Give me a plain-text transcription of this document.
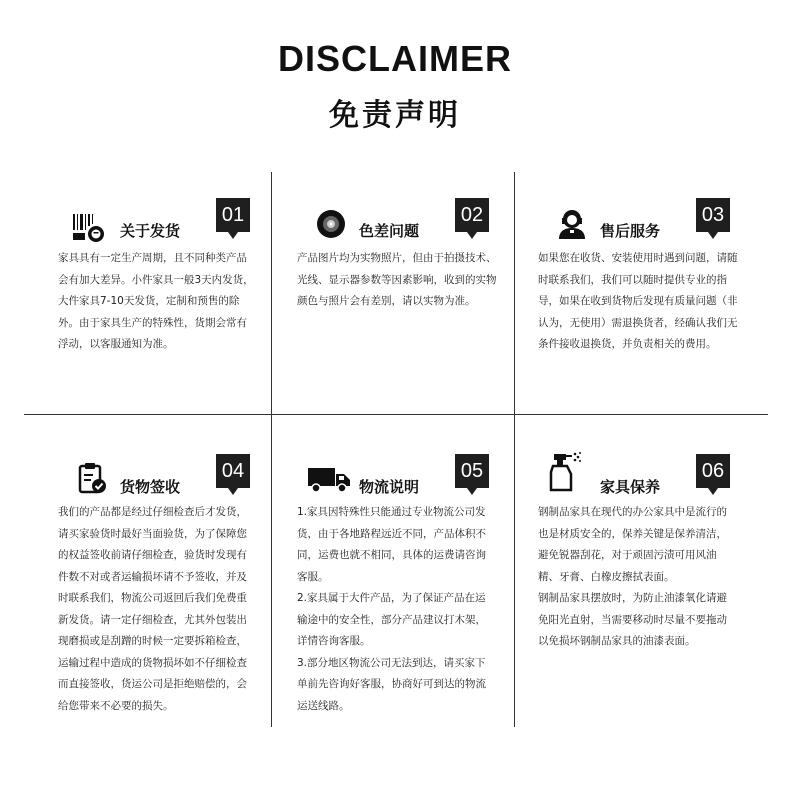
DISCLAIMER
免责声明
关于发货
01

家具具有一定生产周期，且不同种类产品会有加大差异。小件家具一般3天内发货，大件家具7-10天发货，定制和预售的除外。由于家具生产的特殊性，货期会常有浮动，以客服通知为准。

色差问题
02

产品图片均为实物照片，但由于拍摄技术、光线、显示器参数等因素影响，收到的实物颜色与照片会有差别，请以实物为准。

售后服务
03

如果您在收货、安装使用时遇到问题，请随时联系我们，我们可以随时提供专业的指导，如果在收到货物后发现有质量问题（非认为，无使用）需退换货者，经确认我们无条件接收退换货，并负责相关的费用。

货物签收
04

我们的产品都是经过仔细检查后才发货，请买家验货时最好当面验货，为了保障您的权益签收前请仔细检查，验货时发现有件数不对或者运输损坏请不予签收，并及时联系我们，物流公司返回后我们免费重新发货。请一定仔细检查，尤其外包装出现磨损或是刮蹭的时候一定要拆箱检查，运输过程中造成的货物损坏如不仔细检查而直接签收，货运公司是拒绝赔偿的，会给您带来不必要的损失。

物流说明
05

1.家具因特殊性只能通过专业物流公司发货，由于各地路程远近不同，产品体积不同，运费也就不相同，具体的运费请咨询客服。

2.家具属于大件产品，为了保证产品在运输途中的安全性，部分产品建议打木架，详情咨询客服。

3.部分地区物流公司无法到达，请买家下单前先咨询好客服，协商好可到达的物流运送线路。

家具保养
06

钢制品家具在现代的办公家具中是流行的也是材质安全的，保养关键是保养清洁，避免锐器刮花，对于顽固污渍可用风油精、牙膏、白橡皮擦拭表面。

钢制品家具摆放时，为防止油漆氧化请避免阳光直射，当需要移动时尽量不要拖动以免损坏钢制品家具的油漆表面。
